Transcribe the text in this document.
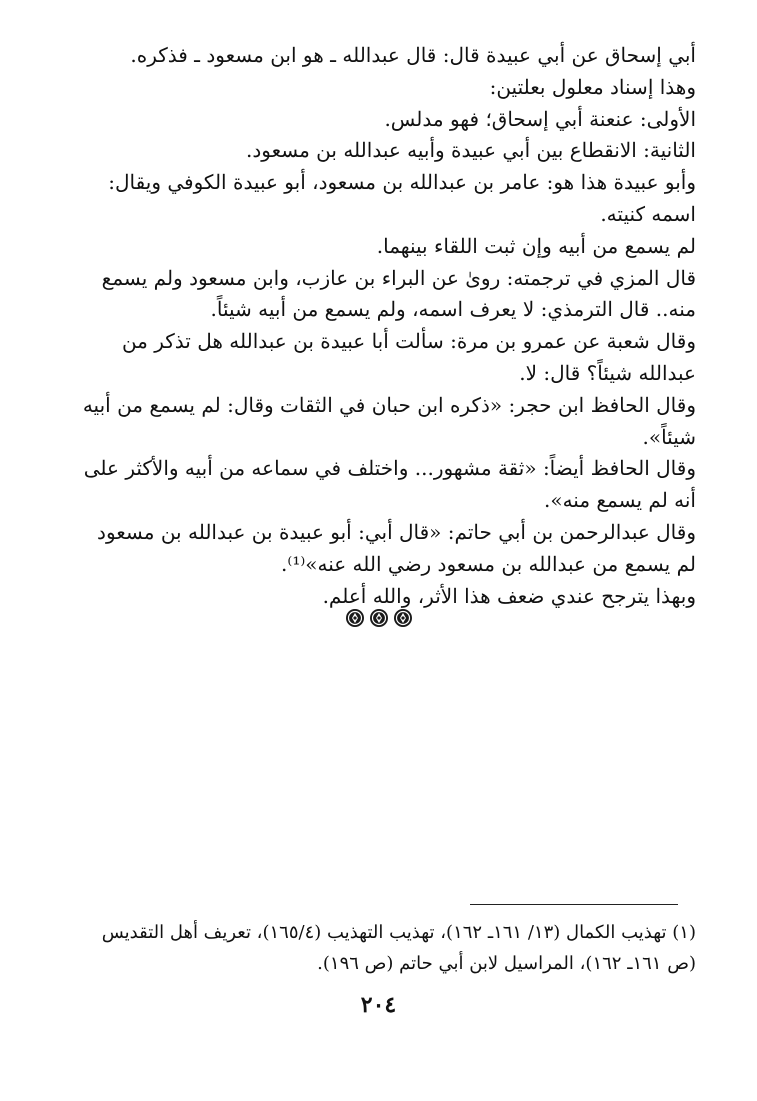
أبي إسحاق عن أبي عبيدة قال: قال عبدالله ـ هو ابن مسعود ـ فذكره.

وهذا إسناد معلول بعلتين:

الأولى: عنعنة أبي إسحاق؛ فهو مدلس.

الثانية: الانقطاع بين أبي عبيدة وأبيه عبدالله بن مسعود.

وأبو عبيدة هذا هو: عامر بن عبدالله بن مسعود، أبو عبيدة الكوفي ويقال: اسمه كنيته.

لم يسمع من أبيه وإن ثبت اللقاء بينهما.

قال المزي في ترجمته: روىٰ عن البراء بن عازب، وابن مسعود ولم يسمع منه.. قال الترمذي: لا يعرف اسمه، ولم يسمع من أبيه شيئاً.

وقال شعبة عن عمرو بن مرة: سألت أبا عبيدة بن عبدالله هل تذكر من عبدالله شيئاً؟ قال: لا.

وقال الحافظ ابن حجر: «ذكره ابن حبان في الثقات وقال: لم يسمع من أبيه شيئاً».

وقال الحافظ أيضاً: «ثقة مشهور... واختلف في سماعه من أبيه والأكثر على أنه لم يسمع منه».

وقال عبدالرحمن بن أبي حاتم: «قال أبي: أبو عبيدة بن عبدالله بن مسعود لم يسمع من عبدالله بن مسعود رضي الله عنه»⁽¹⁾.

وبهذا يترجح عندي ضعف هذا الأثر، والله أعلم.

(١) تهذيب الكمال (١٣/ ١٦١ـ ١٦٢)، تهذيب التهذيب (١٦٥/٤)، تعريف أهل التقديس (ص ١٦١ـ ١٦٢)، المراسيل لابن أبي حاتم (ص ١٩٦).

٢٠٤
